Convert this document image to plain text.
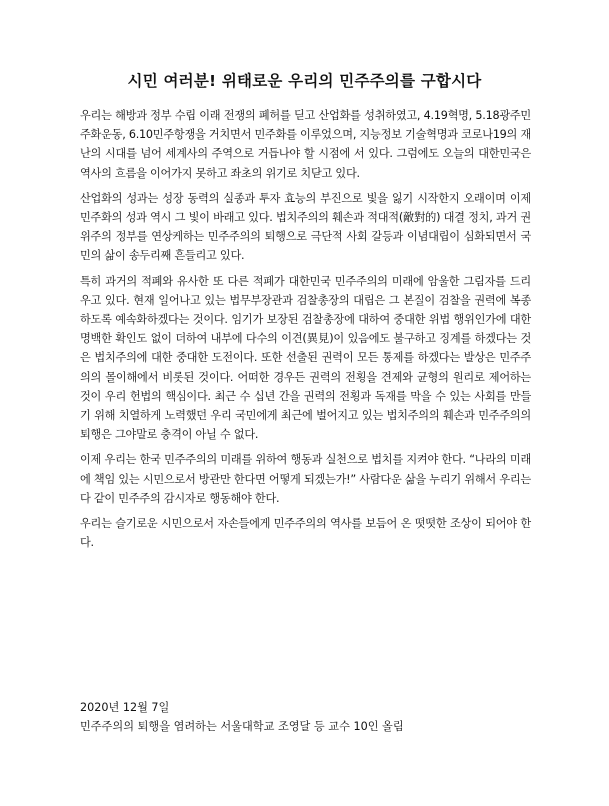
시민 여러분! 위태로운 우리의 민주주의를 구합시다

우리는 해방과 정부 수립 이래 전쟁의 폐허를 딛고 산업화를 성취하였고, 4.19혁명, 5.18광주민주화운동, 6.10민주항쟁을 거치면서 민주화를 이루었으며, 지능정보 기술혁명과 코로나19의 재난의 시대를 넘어 세계사의 주역으로 거듭나야 할 시점에 서 있다. 그럼에도 오늘의 대한민국은 역사의 흐름을 이어가지 못하고 좌초의 위기로 치닫고 있다.

산업화의 성과는 성장 동력의 실종과 투자 효능의 부진으로 빛을 잃기 시작한지 오래이며 이제 민주화의 성과 역시 그 빛이 바래고 있다. 법치주의의 훼손과 적대적(敵對的) 대결 정치, 과거 권위주의 정부를 연상케하는 민주주의의 퇴행으로 극단적 사회 갈등과 이념대립이 심화되면서 국민의 삶이 송두리째 흔들리고 있다.

특히 과거의 적폐와 유사한 또 다른 적폐가 대한민국 민주주의의 미래에 암울한 그림자를 드리우고 있다. 현재 일어나고 있는 법무부장관과 검찰총장의 대립은 그 본질이 검찰을 권력에 복종하도록 예속화하겠다는 것이다. 임기가 보장된 검찰총장에 대하여 중대한 위법 행위인가에 대한 명백한 확인도 없이 더하여 내부에 다수의 이견(異見)이 있음에도 불구하고 징계를 하겠다는 것은 법치주의에 대한 중대한 도전이다. 또한 선출된 권력이 모든 통제를 하겠다는 발상은 민주주의의 몰이해에서 비롯된 것이다. 어떠한 경우든 권력의 전횡을 견제와 균형의 원리로 제어하는 것이 우리 헌법의 핵심이다. 최근 수 십년 간을 권력의 전횡과 독재를 막을 수 있는 사회를 만들기 위해 치열하게 노력했던 우리 국민에게 최근에 벌어지고 있는 법치주의의 훼손과 민주주의의 퇴행은 그야말로 충격이 아닐 수 없다.

이제 우리는 한국 민주주의의 미래를 위하여 행동과 실천으로 법치를 지켜야 한다. “나라의 미래에 책임 있는 시민으로서 방관만 한다면 어떻게 되겠는가!” 사람다운 삶을 누리기 위해서 우리는 다 같이 민주주의 감시자로 행동해야 한다.

우리는 슬기로운 시민으로서 자손들에게 민주주의의 역사를 보듬어 온 떳떳한 조상이 되어야 한다.

2020년 12월 7일

민주주의의 퇴행을 염려하는 서울대학교 조영달 등 교수 10인 올림
